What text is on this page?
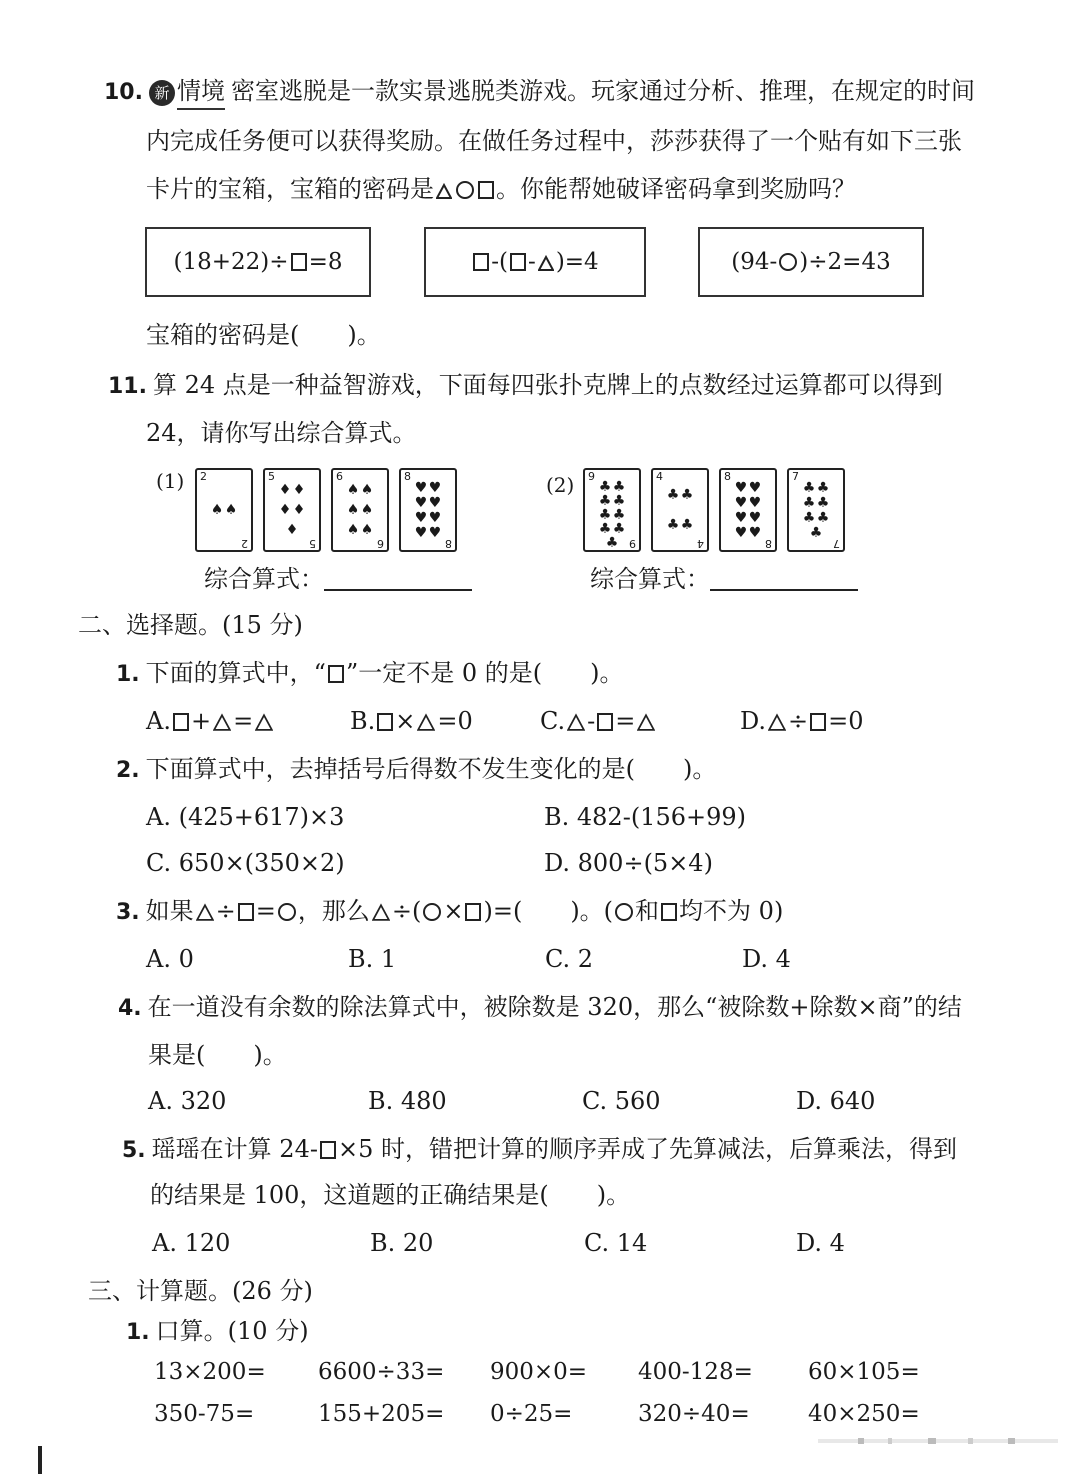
10. 新 情境 密室逃脱是一款实景逃脱类游戏。玩家通过分析、推理，在规定的时间
内完成任务便可以获得奖励。在做任务过程中，莎莎获得了一个贴有如下三张
卡片的宝箱，宝箱的密码是	。你能帮她破译密码拿到奖励吗？
(18+22)÷ =8	-( - )=4	(94- )÷2=43
宝箱的密码是(　　)。
11. 算 24 点是一种益智游戏，下面每四张扑克牌上的点数经过运算都可以得到
24，请你写出综合算式。
(1)	(2)
2
♠ ♠
2
5
♦ ♦
♦ ♦
♦
5
6
♠ ♠
♠ ♠
♠ ♠
6
8
♥ ♥
♥ ♥
♥ ♥
♥ ♥
8
9
♣ ♣
♣ ♣
♣ ♣
♣ ♣
♣ 9
4
♣ ♣
♣ ♣
4
8
♥ ♥
♥ ♥
♥ ♥
♥ ♥
8
7
♣ ♣
♣ ♣
♣ ♣
♣
7
综合算式：	综合算式：
二、选择题。(15 分)
1. 下面的算式中，“ ”一定不是 0 的是(　　)。
A. + =	B. × =0	C. - =	D. ÷ =0
2. 下面算式中，去掉括号后得数不发生变化的是(　　)。
A. (425+617)×3	B. 482-(156+99)
C. 650×(350×2)	D. 800÷(5×4)
3. 如果 ÷ = ，那么 ÷( × )=(　　)。( 和 均不为 0)
A. 0	B. 1	C. 2	D. 4
4. 在一道没有余数的除法算式中，被除数是 320，那么“被除数+除数×商”的结
果是(　　)。
A. 320	B. 480	C. 560	D. 640
5. 瑶瑶在计算 24- ×5 时，错把计算的顺序弄成了先算减法，后算乘法，得到
的结果是 100，这道题的正确结果是(　　)。
A. 120	B. 20	C. 14	D. 4
三、计算题。(26 分)
1. 口算。(10 分)
13×200= 6600÷33= 900×0= 400-128= 60×105=
350-75=	155+205= 0÷25=	320÷40=	40×250=
